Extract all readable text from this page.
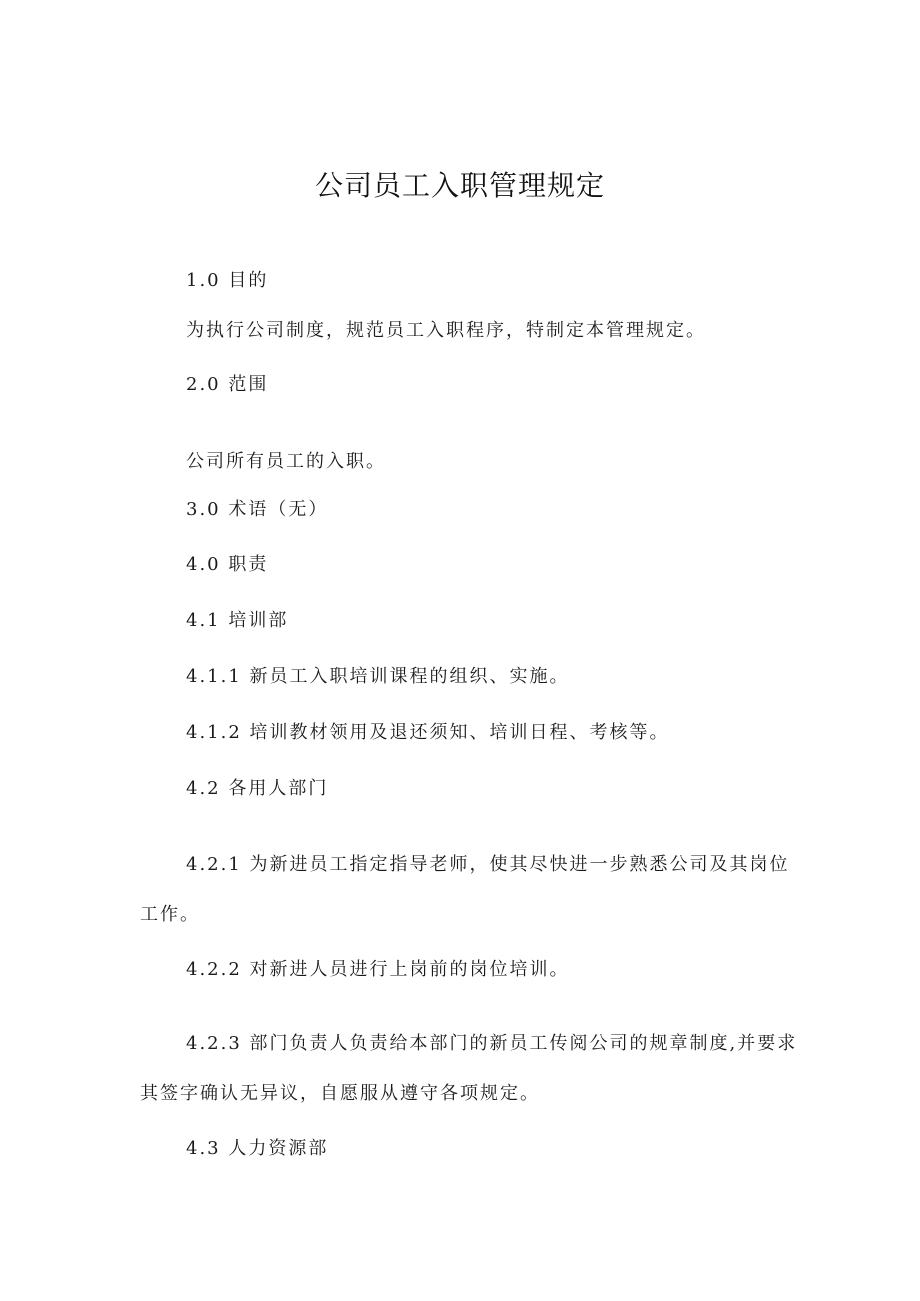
公司员工入职管理规定
1.0 目的
为执行公司制度，规范员工入职程序，特制定本管理规定。
2.0 范围
公司所有员工的入职。
3.0 术语（无）
4.0 职责
4.1 培训部
4.1.1 新员工入职培训课程的组织、实施。
4.1.2 培训教材领用及退还须知、培训日程、考核等。
4.2 各用人部门
4.2.1 为新进员工指定指导老师，使其尽快进一步熟悉公司及其岗位
工作。
4.2.2 对新进人员进行上岗前的岗位培训。
4.2.3 部门负责人负责给本部门的新员工传阅公司的规章制度,并要求
其签字确认无异议，自愿服从遵守各项规定。
4.3 人力资源部
